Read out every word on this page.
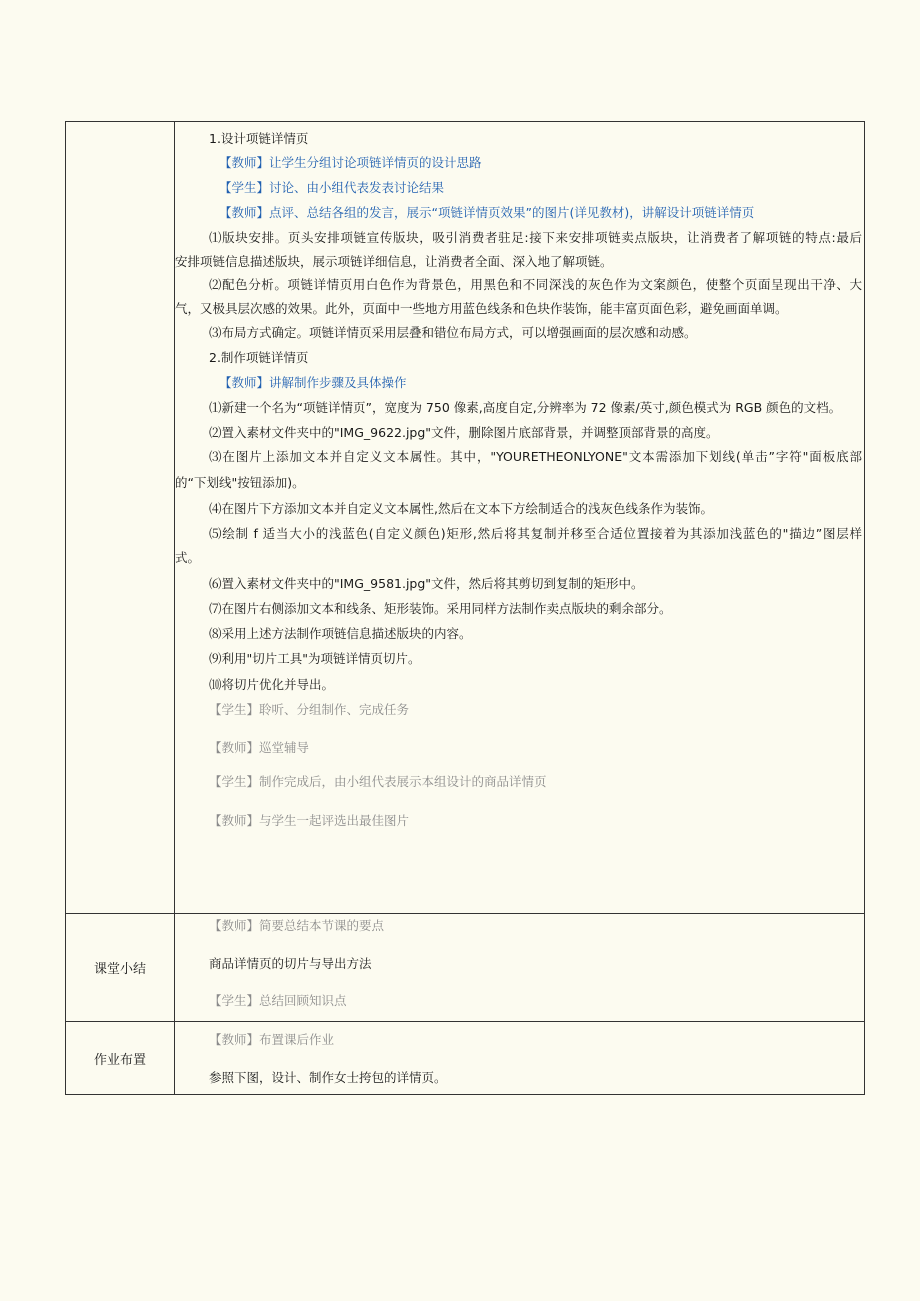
1.设计项链详情页
【教师】让学生分组讨论项链详情页的设计思路
【学生】讨论、由小组代表发表讨论结果
【教师】点评、总结各组的发言，展示“项链详情页效果”的图片(详见教材)，讲解设计项链详情页
⑴版块安排。页头安排项链宣传版块，吸引消费者驻足:接下来安排项链卖点版块，让消费者了解项链的特点:最后
安排项链信息描述版块，展示项链详细信息，让消费者全面、深入地了解项链。
⑵配色分析。项链详情页用白色作为背景色，用黑色和不同深浅的灰色作为文案颜色，使整个页面呈现出干净、大
气，又极具层次感的效果。此外，页面中一些地方用蓝色线条和色块作装饰，能丰富页面色彩，避免画面单调。
⑶布局方式确定。项链详情页采用层叠和错位布局方式，可以增强画面的层次感和动感。
2.制作项链详情页
【教师】讲解制作步骤及具体操作
⑴新建一个名为“项链详情页”，宽度为 750 像素,高度自定,分辨率为 72 像素/英寸,颜色模式为 RGB 颜色的文档。
⑵置入素材文件夹中的"IMG_9622.jpg"文件，删除图片底部背景，并调整顶部背景的高度。
⑶在图片上添加文本并自定义文本属性。其中，"YOURETHEONLYONE"文本需添加下划线(单击”字符"面板底部
的“下划线"按钮添加)。
⑷在图片下方添加文本并自定义文本属性,然后在文本下方绘制适合的浅灰色线条作为装饰。
⑸绘制 f 适当大小的浅蓝色(自定义颜色)矩形,然后将其复制并移至合适位置接着为其添加浅蓝色的"描边”图层样
式。
⑹置入素材文件夹中的"IMG_9581.jpg"文件，然后将其剪切到复制的矩形中。
⑺在图片右侧添加文本和线条、矩形装饰。采用同样方法制作卖点版块的剩余部分。
⑻采用上述方法制作项链信息描述版块的内容。
⑼利用"切片工具"为项链详情页切片。
⑽将切片优化并导出。
【学生】聆听、分组制作、完成任务
【教师】巡堂辅导
【学生】制作完成后，由小组代表展示本组设计的商品详情页
【教师】与学生一起评选出最佳图片
课堂小结
【教师】简要总结本节课的要点
商品详情页的切片与导出方法
【学生】总结回顾知识点
作业布置
【教师】布置课后作业
参照下图，设计、制作女士挎包的详情页。
